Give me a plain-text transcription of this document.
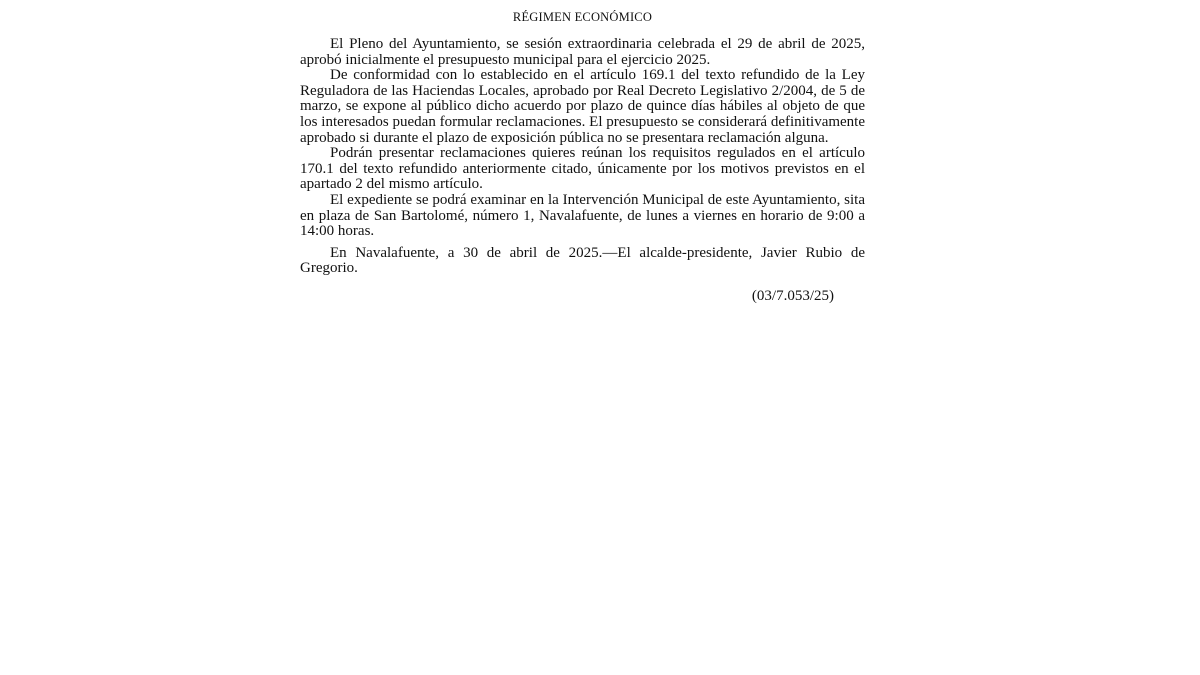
RÉGIMEN ECONÓMICO

El Pleno del Ayuntamiento, se sesión extraordinaria celebrada el 29 de abril de 2025, aprobó inicialmente el presupuesto municipal para el ejercicio 2025.

De conformidad con lo establecido en el artículo 169.1 del texto refundido de la Ley Reguladora de las Haciendas Locales, aprobado por Real Decreto Legislativo 2/2004, de 5 de marzo, se expone al público dicho acuerdo por plazo de quince días hábiles al objeto de que los interesados puedan formular reclamaciones. El presupuesto se considerará definitivamente aprobado si durante el plazo de exposición pública no se presentara reclamación alguna.

Podrán presentar reclamaciones quieres reúnan los requisitos regulados en el artículo 170.1 del texto refundido anteriormente citado, únicamente por los motivos previstos en el apartado 2 del mismo artículo.

El expediente se podrá examinar en la Intervención Municipal de este Ayuntamiento, sita en plaza de San Bartolomé, número 1, Navalafuente, de lunes a viernes en horario de 9:00 a 14:00 horas.

En Navalafuente, a 30 de abril de 2025.—El alcalde-presidente, Javier Rubio de Gregorio.

(03/7.053/25)
